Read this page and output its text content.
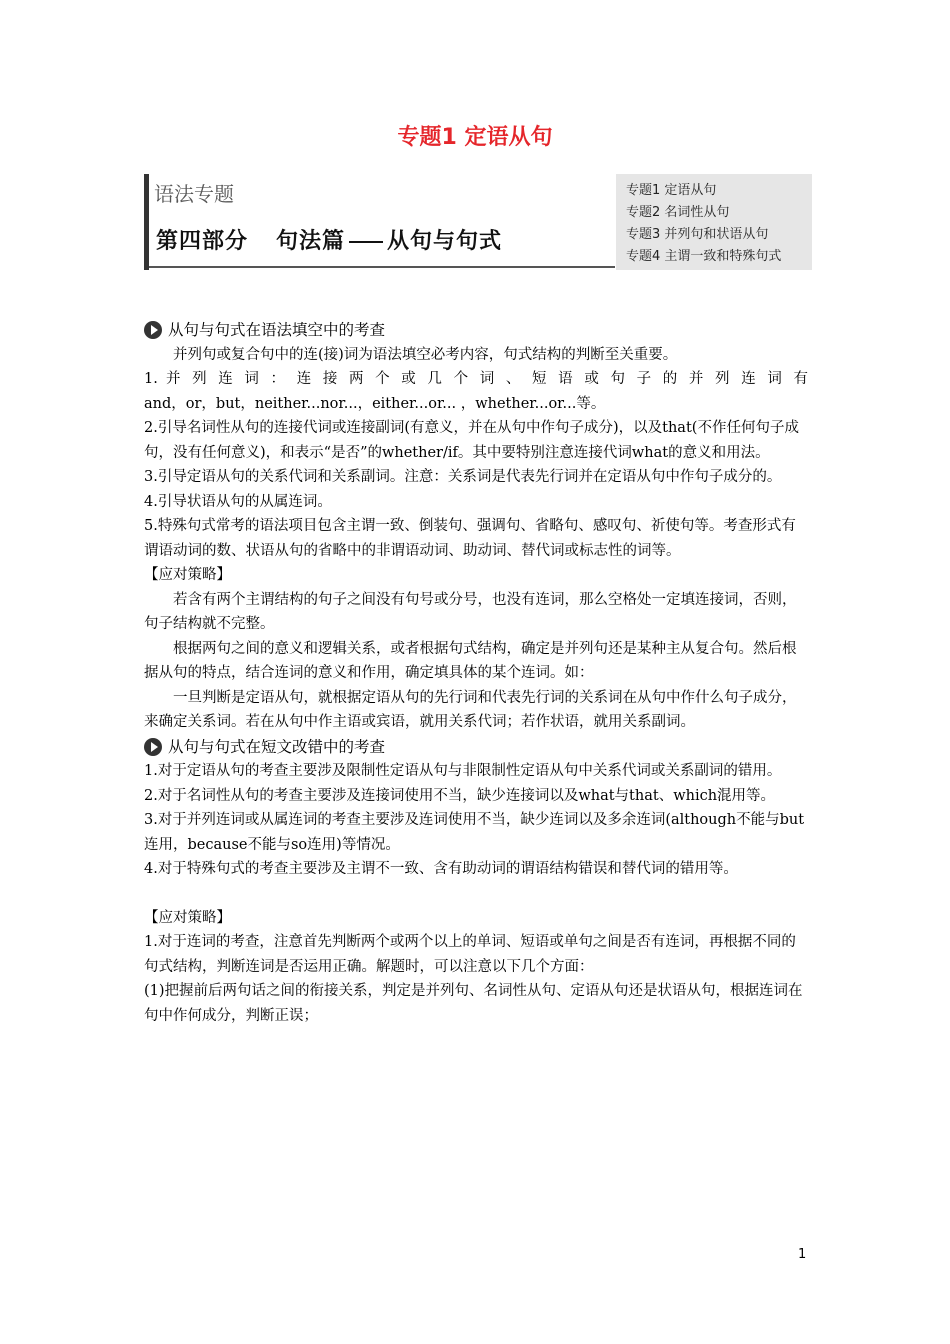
专题1 定语从句
语法专题
第四部分 句法篇 从句与句式
专题1 定语从句
专题2 名词性从句
专题3 并列句和状语从句
专题4 主谓一致和特殊句式
从句与句式在语法填空中的考查

并列句或复合句中的连(接)词为语法填空必考内容，句式结构的判断至关重要。

1. 并 列 连 词 ： 连 接 两 个 或 几 个 词 、 短 语 或 句 子 的 并 列 连 词 有

and，or，but，neither...nor...，either...or... ，whether...or...等。

2.引导名词性从句的连接代词或连接副词(有意义，并在从句中作句子成分)，以及that(不作任何句子成句，没有任何意义)，和表示“是否”的whether/if。其中要特别注意连接代词what的意义和用法。

3.引导定语从句的关系代词和关系副词。注意：关系词是代表先行词并在定语从句中作句子成分的。

4.引导状语从句的从属连词。

5.特殊句式常考的语法项目包含主谓一致、倒装句、强调句、省略句、感叹句、祈使句等。考查形式有谓语动词的数、状语从句的省略中的非谓语动词、助动词、替代词或标志性的词等。

【应对策略】

若含有两个主谓结构的句子之间没有句号或分号，也没有连词，那么空格处一定填连接词，否则，句子结构就不完整。

根据两句之间的意义和逻辑关系，或者根据句式结构，确定是并列句还是某种主从复合句。然后根据从句的特点，结合连词的意义和作用，确定填具体的某个连词。如：

一旦判断是定语从句，就根据定语从句的先行词和代表先行词的关系词在从句中作什么句子成分，来确定关系词。若在从句中作主语或宾语，就用关系代词；若作状语，就用关系副词。

从句与句式在短文改错中的考查

1.对于定语从句的考查主要涉及限制性定语从句与非限制性定语从句中关系代词或关系副词的错用。

2.对于名词性从句的考查主要涉及连接词使用不当，缺少连接词以及what与that、which混用等。

3.对于并列连词或从属连词的考查主要涉及连词使用不当，缺少连词以及多余连词(although不能与but连用，because不能与so连用)等情况。

4.对于特殊句式的考查主要涉及主谓不一致、含有助动词的谓语结构错误和替代词的错用等。

【应对策略】

1.对于连词的考查，注意首先判断两个或两个以上的单词、短语或单句之间是否有连词，再根据不同的句式结构，判断连词是否运用正确。解题时，可以注意以下几个方面：

(1)把握前后两句话之间的衔接关系，判定是并列句、名词性从句、定语从句还是状语从句，根据连词在句中作何成分，判断正误；

1
